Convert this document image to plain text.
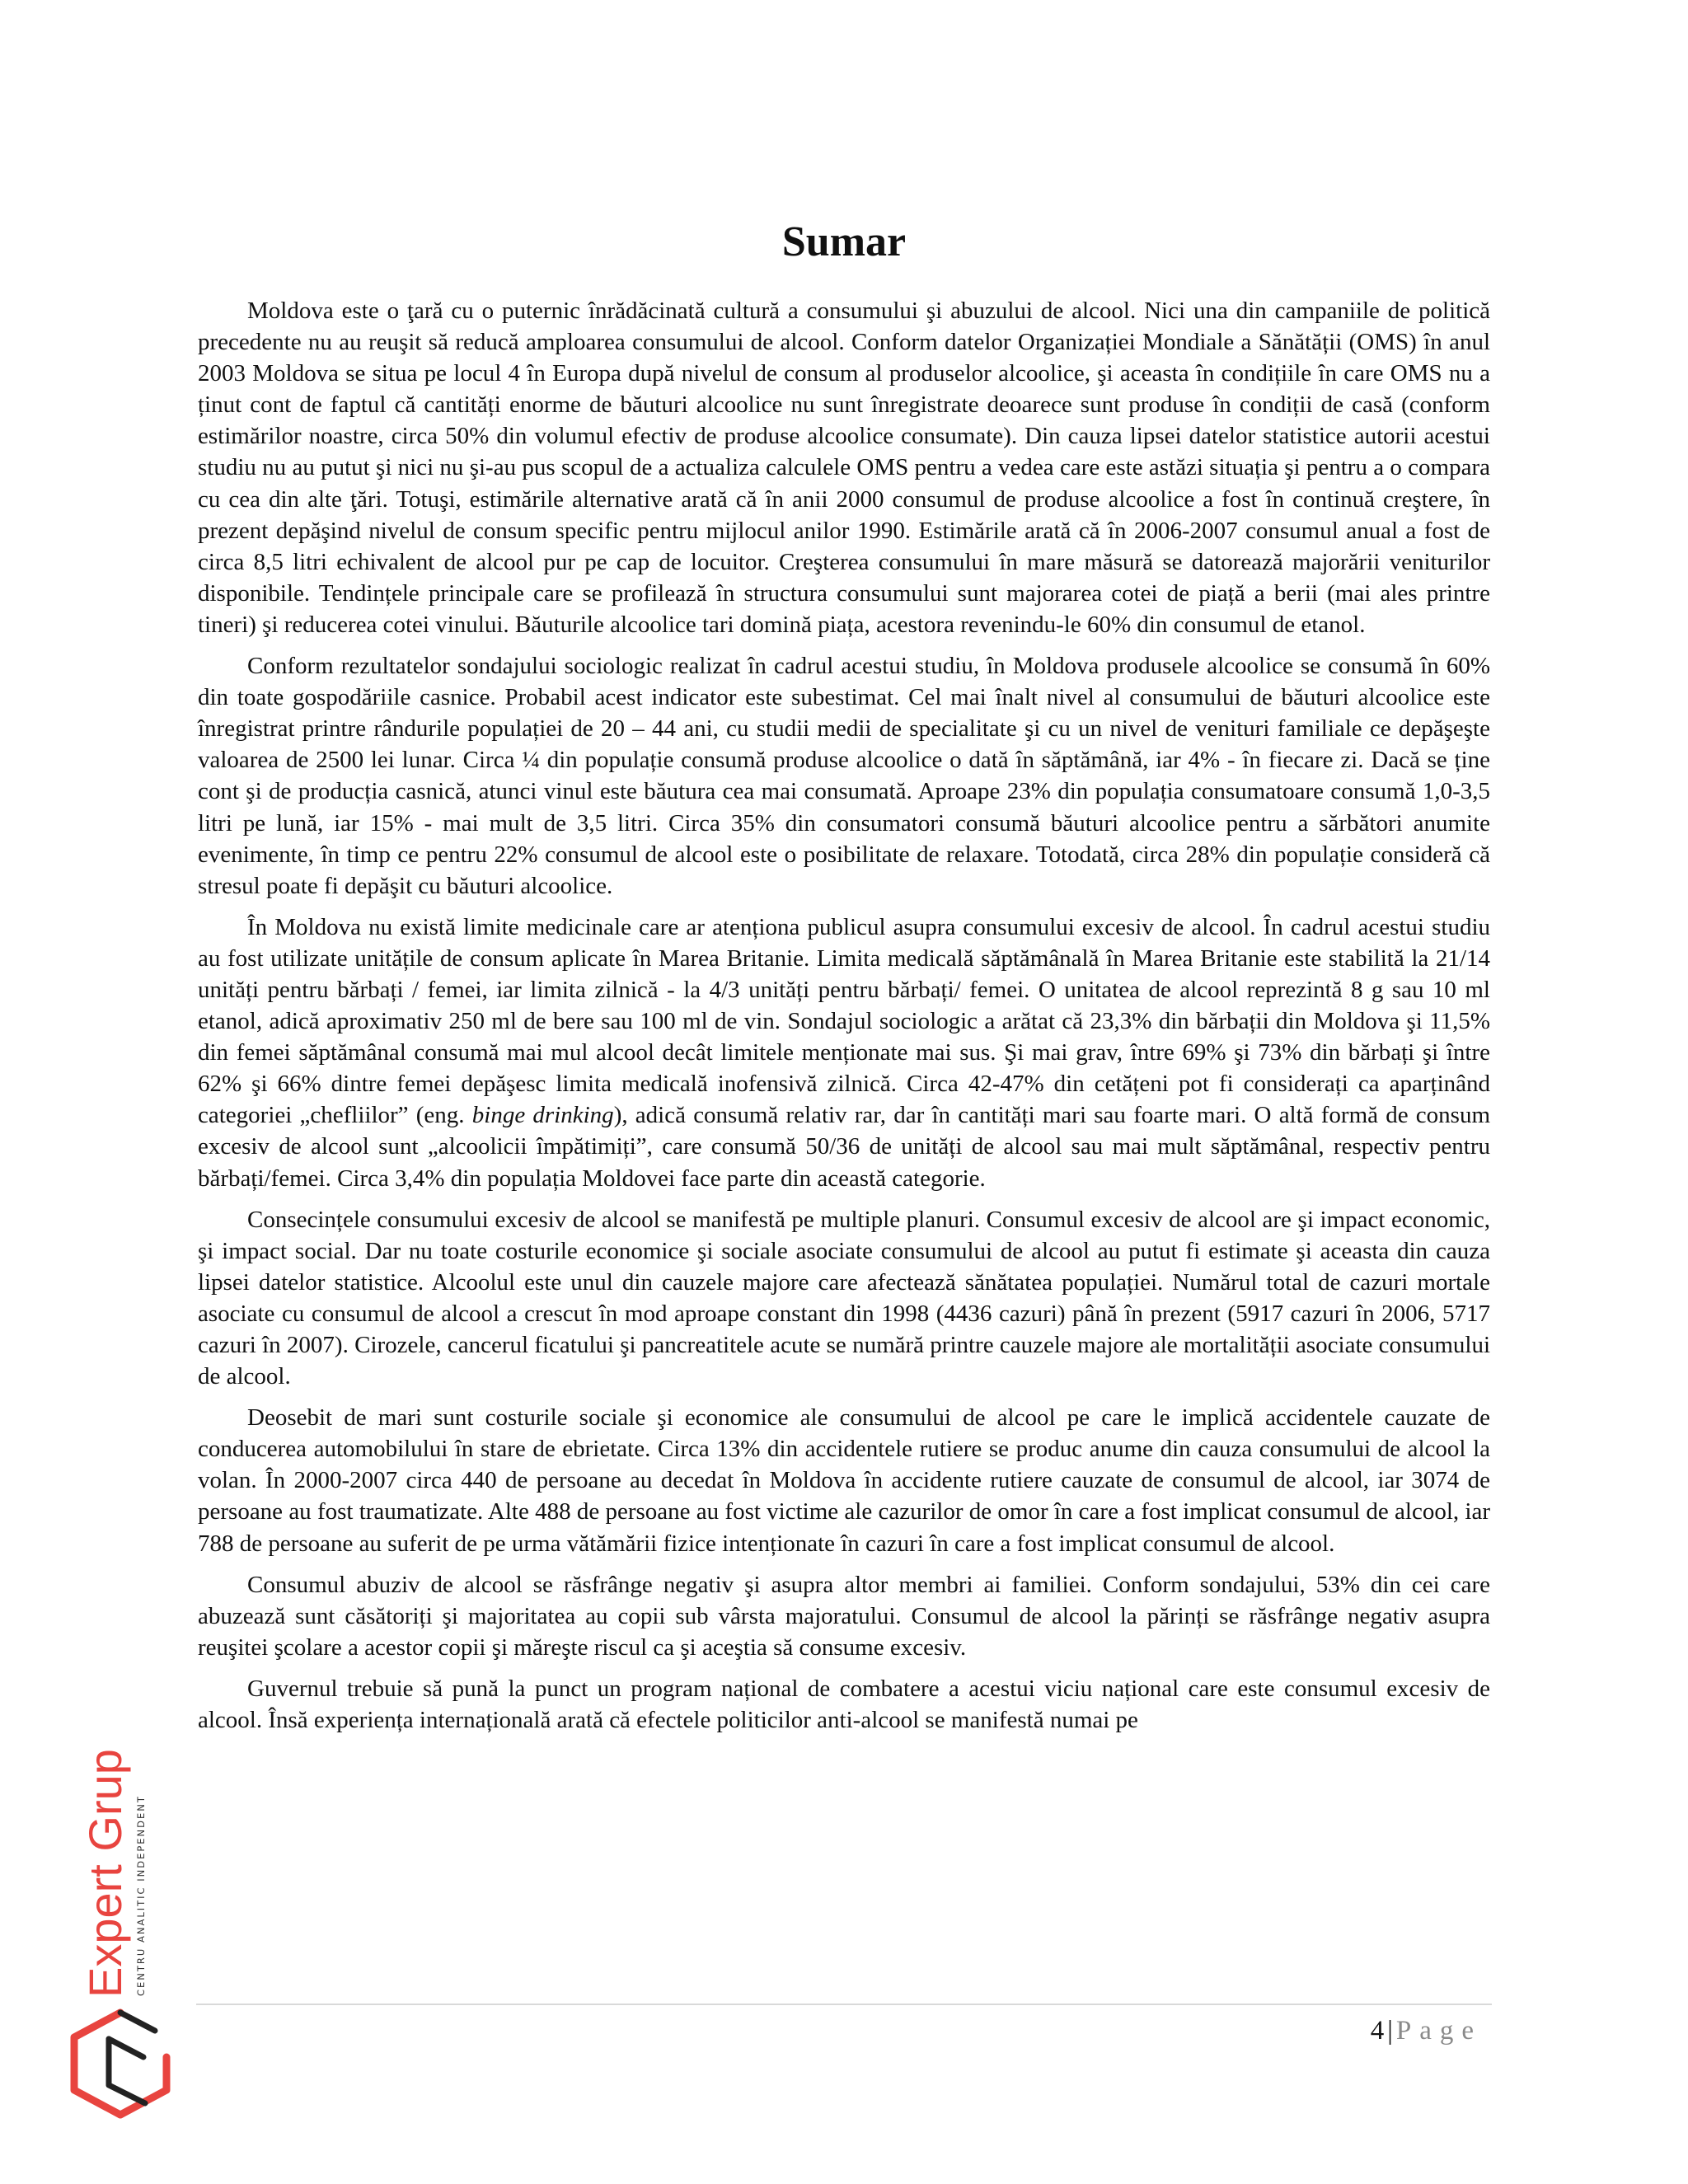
Sumar

Moldova este o ţară cu o puternic înrădăcinată cultură a consumului şi abuzului de alcool. Nici una din campaniile de politică precedente nu au reuşit să reducă amploarea consumului de alcool. Conform datelor Organizației Mondiale a Sănătății (OMS) în anul 2003 Moldova se situa pe locul 4 în Europa după nivelul de consum al produselor alcoolice, şi aceasta în condițiile în care OMS nu a ținut cont de faptul că cantități enorme de băuturi alcoolice nu sunt înregistrate deoarece sunt produse în condiții de casă (conform estimărilor noastre, circa 50% din volumul efectiv de produse alcoolice consumate). Din cauza lipsei datelor statistice autorii acestui studiu nu au putut şi nici nu şi-au pus scopul de a actualiza calculele OMS pentru a vedea care este astăzi situația şi pentru a o compara cu cea din alte ţări. Totuşi, estimările alternative arată că în anii 2000 consumul de produse alcoolice a fost în continuă creştere, în prezent depăşind nivelul de consum specific pentru mijlocul anilor 1990. Estimările arată că în 2006-2007 consumul anual a fost de circa 8,5 litri echivalent de alcool pur pe cap de locuitor. Creşterea consumului în mare măsură se datorează majorării veniturilor disponibile. Tendințele principale care se profilează în structura consumului sunt majorarea cotei de piață a berii (mai ales printre tineri) şi reducerea cotei vinului. Băuturile alcoolice tari domină piața, acestora revenindu-le 60% din consumul de etanol.

Conform rezultatelor sondajului sociologic realizat în cadrul acestui studiu, în Moldova produsele alcoolice se consumă în 60% din toate gospodăriile casnice. Probabil acest indicator este subestimat. Cel mai înalt nivel al consumului de băuturi alcoolice este înregistrat printre rândurile populației de 20 – 44 ani, cu studii medii de specialitate şi cu un nivel de venituri familiale ce depăşeşte valoarea de 2500 lei lunar. Circa ¼ din populație consumă produse alcoolice o dată în săptămână, iar 4% - în fiecare zi. Dacă se ține cont şi de producția casnică, atunci vinul este băutura cea mai consumată. Aproape 23% din populația consumatoare consumă 1,0-3,5 litri pe lună, iar 15% - mai mult de 3,5 litri. Circa 35% din consumatori consumă băuturi alcoolice pentru a sărbători anumite evenimente, în timp ce pentru 22% consumul de alcool este o posibilitate de relaxare. Totodată, circa 28% din populație consideră că stresul poate fi depăşit cu băuturi alcoolice.

În Moldova nu există limite medicinale care ar atenționa publicul asupra consumului excesiv de alcool. În cadrul acestui studiu au fost utilizate unitățile de consum aplicate în Marea Britanie. Limita medicală săptămânală în Marea Britanie este stabilită la 21/14 unități pentru bărbați / femei, iar limita zilnică - la 4/3 unități pentru bărbați/ femei. O unitatea de alcool reprezintă 8 g sau 10 ml etanol, adică aproximativ 250 ml de bere sau 100 ml de vin. Sondajul sociologic a arătat că 23,3% din bărbații din Moldova şi 11,5% din femei săptămânal consumă mai mul alcool decât limitele menționate mai sus. Şi mai grav, între 69% şi 73% din bărbați şi între 62% şi 66% dintre femei depăşesc limita medicală inofensivă zilnică. Circa 42-47% din cetățeni pot fi considerați ca aparținând categoriei „chefliilor” (eng. binge drinking), adică consumă relativ rar, dar în cantități mari sau foarte mari. O altă formă de consum excesiv de alcool sunt „alcoolicii împătimiți”, care consumă 50/36 de unități de alcool sau mai mult săptămânal, respectiv pentru bărbați/femei. Circa 3,4% din populația Moldovei face parte din această categorie.

Consecințele consumului excesiv de alcool se manifestă pe multiple planuri. Consumul excesiv de alcool are şi impact economic, şi impact social. Dar nu toate costurile economice şi sociale asociate consumului de alcool au putut fi estimate şi aceasta din cauza lipsei datelor statistice. Alcoolul este unul din cauzele majore care afectează sănătatea populației. Numărul total de cazuri mortale asociate cu consumul de alcool a crescut în mod aproape constant din 1998 (4436 cazuri) până în prezent (5917 cazuri în 2006, 5717 cazuri în 2007). Cirozele, cancerul ficatului şi pancreatitele acute se numără printre cauzele majore ale mortalității asociate consumului de alcool.

Deosebit de mari sunt costurile sociale şi economice ale consumului de alcool pe care le implică accidentele cauzate de conducerea automobilului în stare de ebrietate. Circa 13% din accidentele rutiere se produc anume din cauza consumului de alcool la volan. În 2000-2007 circa 440 de persoane au decedat în Moldova în accidente rutiere cauzate de consumul de alcool, iar 3074 de persoane au fost traumatizate. Alte 488 de persoane au fost victime ale cazurilor de omor în care a fost implicat consumul de alcool, iar 788 de persoane au suferit de pe urma vătămării fizice intenționate în cazuri în care a fost implicat consumul de alcool.

Consumul abuziv de alcool se răsfrânge negativ şi asupra altor membri ai familiei. Conform sondajului, 53% din cei care abuzează sunt căsătoriți şi majoritatea au copii sub vârsta majoratului. Consumul de alcool la părinți se răsfrânge negativ asupra reuşitei şcolare a acestor copii şi măreşte riscul ca şi aceştia să consume excesiv.

Guvernul trebuie să pună la punct un program național de combatere a acestui viciu național care este consumul excesiv de alcool. Însă experiența internațională arată că efectele politicilor anti-alcool se manifestă numai pe

4 | Page
Expert Grup CENTRU ANALITIC INDEPENDENT
